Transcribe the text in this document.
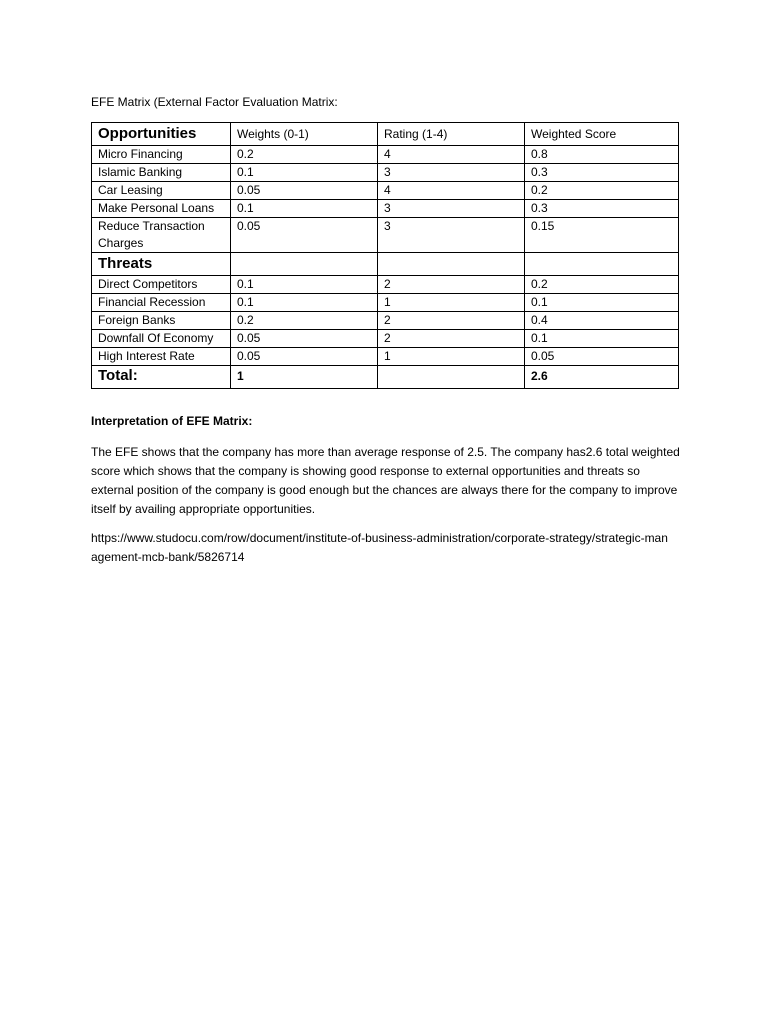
EFE Matrix (External Factor Evaluation Matrix:

Opportunities	Weights (0-1)	Rating (1-4)	Weighted Score
Micro Financing	0.2	4	0.8
Islamic Banking	0.1	3	0.3
Car Leasing	0.05	4	0.2
Make Personal Loans	0.1	3	0.3
Reduce Transaction Charges	0.05	3	0.15
Threats			
Direct Competitors	0.1	2	0.2
Financial Recession	0.1	1	0.1
Foreign Banks	0.2	2	0.4
Downfall Of Economy	0.05	2	0.1
High Interest Rate	0.05	1	0.05
Total:	1		2.6

Interpretation of EFE Matrix:

The EFE shows that the company has more than average response of 2.5. The company has2.6 total weighted score which shows that the company is showing good response to external opportunities and threats so external position of the company is good enough but the chances are always there for the company to improve itself by availing appropriate opportunities.

https://www.studocu.com/row/document/institute-of-business-administration/corporate-strategy/strategic-management-mcb-bank/5826714
